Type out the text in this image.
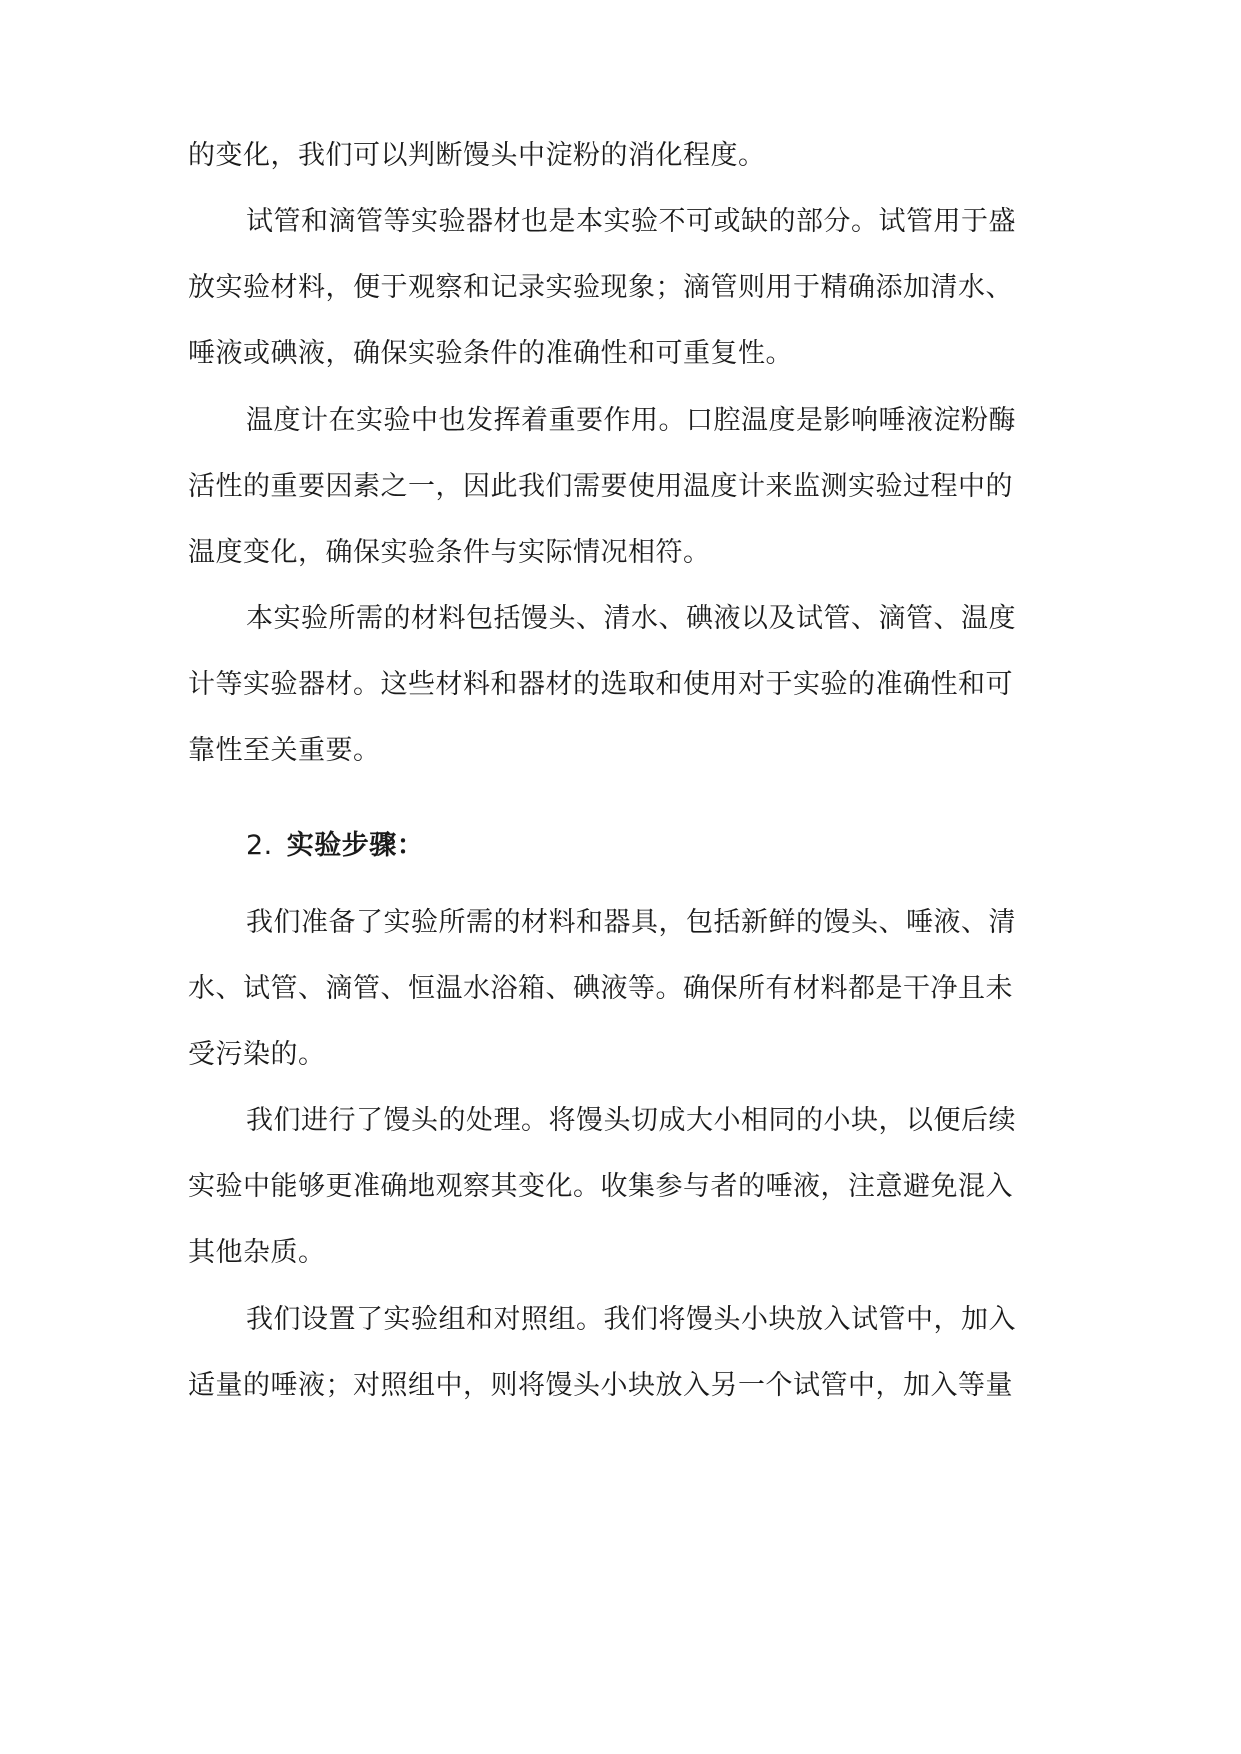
的变化，我们可以判断馒头中淀粉的消化程度。

试管和滴管等实验器材也是本实验不可或缺的部分。试管用于盛

放实验材料，便于观察和记录实验现象；滴管则用于精确添加清水、

唾液或碘液，确保实验条件的准确性和可重复性。

温度计在实验中也发挥着重要作用。口腔温度是影响唾液淀粉酶

活性的重要因素之一，因此我们需要使用温度计来监测实验过程中的

温度变化，确保实验条件与实际情况相符。

本实验所需的材料包括馒头、清水、碘液以及试管、滴管、温度

计等实验器材。这些材料和器材的选取和使用对于实验的准确性和可

靠性至关重要。

2. 实验步骤：

我们准备了实验所需的材料和器具，包括新鲜的馒头、唾液、清

水、试管、滴管、恒温水浴箱、碘液等。确保所有材料都是干净且未

受污染的。

我们进行了馒头的处理。将馒头切成大小相同的小块，以便后续

实验中能够更准确地观察其变化。收集参与者的唾液，注意避免混入

其他杂质。

我们设置了实验组和对照组。我们将馒头小块放入试管中，加入

适量的唾液；对照组中，则将馒头小块放入另一个试管中，加入等量
